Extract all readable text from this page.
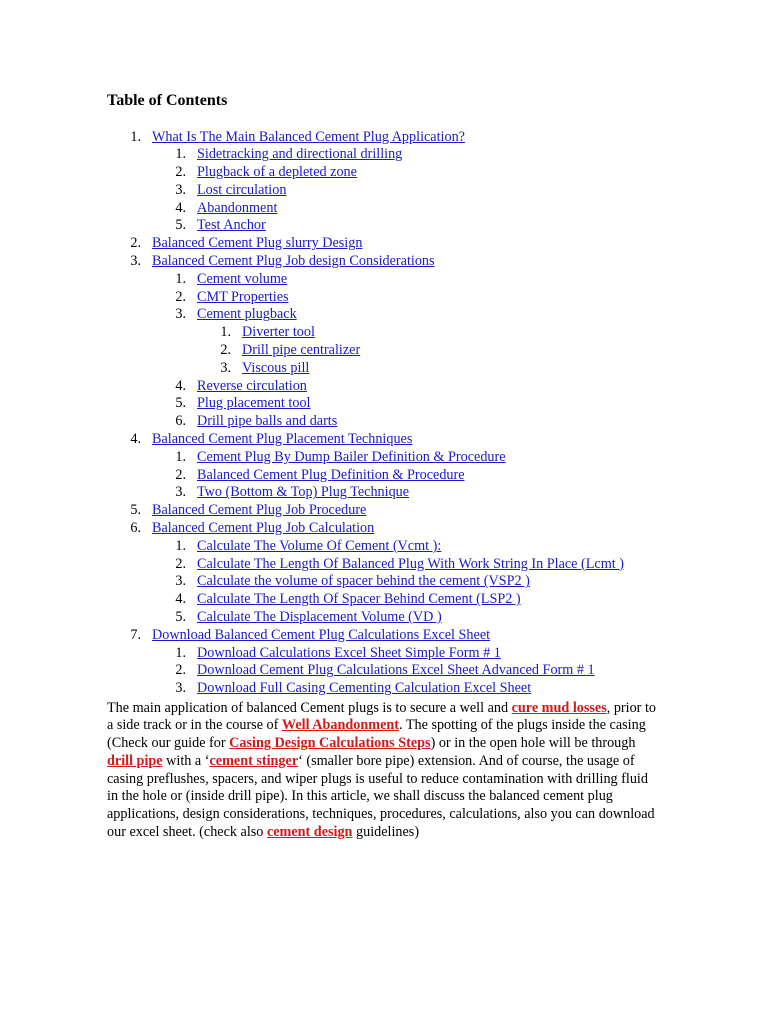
Table of Contents
1. What Is The Main Balanced Cement Plug Application?
1. Sidetracking and directional drilling
2. Plugback of a depleted zone
3. Lost circulation
4. Abandonment
5. Test Anchor
2. Balanced Cement Plug slurry Design
3. Balanced Cement Plug Job design Considerations
1. Cement volume
2. CMT Properties
3. Cement plugback
1. Diverter tool
2. Drill pipe centralizer
3. Viscous pill
4. Reverse circulation
5. Plug placement tool
6. Drill pipe balls and darts
4. Balanced Cement Plug Placement Techniques
1. Cement Plug By Dump Bailer Definition & Procedure
2. Balanced Cement Plug Definition & Procedure
3. Two (Bottom & Top) Plug Technique
5. Balanced Cement Plug Job Procedure
6. Balanced Cement Plug Job Calculation
1. Calculate The Volume Of Cement (Vcmt ):
2. Calculate The Length Of Balanced Plug With Work String In Place (Lcmt )
3. Calculate the volume of spacer behind the cement (VSP2 )
4. Calculate The Length Of Spacer Behind Cement (LSP2 )
5. Calculate The Displacement Volume (VD )
7. Download Balanced Cement Plug Calculations Excel Sheet
1. Download Calculations Excel Sheet Simple Form # 1
2. Download Cement Plug Calculations Excel Sheet Advanced Form # 1
3. Download Full Casing Cementing Calculation Excel Sheet

The main application of balanced Cement plugs is to secure a well and cure mud losses, prior to a side track or in the course of Well Abandonment. The spotting of the plugs inside the casing (Check our guide for Casing Design Calculations Steps) or in the open hole will be through drill pipe with a ‘cement stinger‘ (smaller bore pipe) extension. And of course, the usage of casing preflushes, spacers, and wiper plugs is useful to reduce contamination with drilling fluid in the hole or (inside drill pipe). In this article, we shall discuss the balanced cement plug applications, design considerations, techniques, procedures, calculations, also you can download our excel sheet. (check also cement design guidelines)
